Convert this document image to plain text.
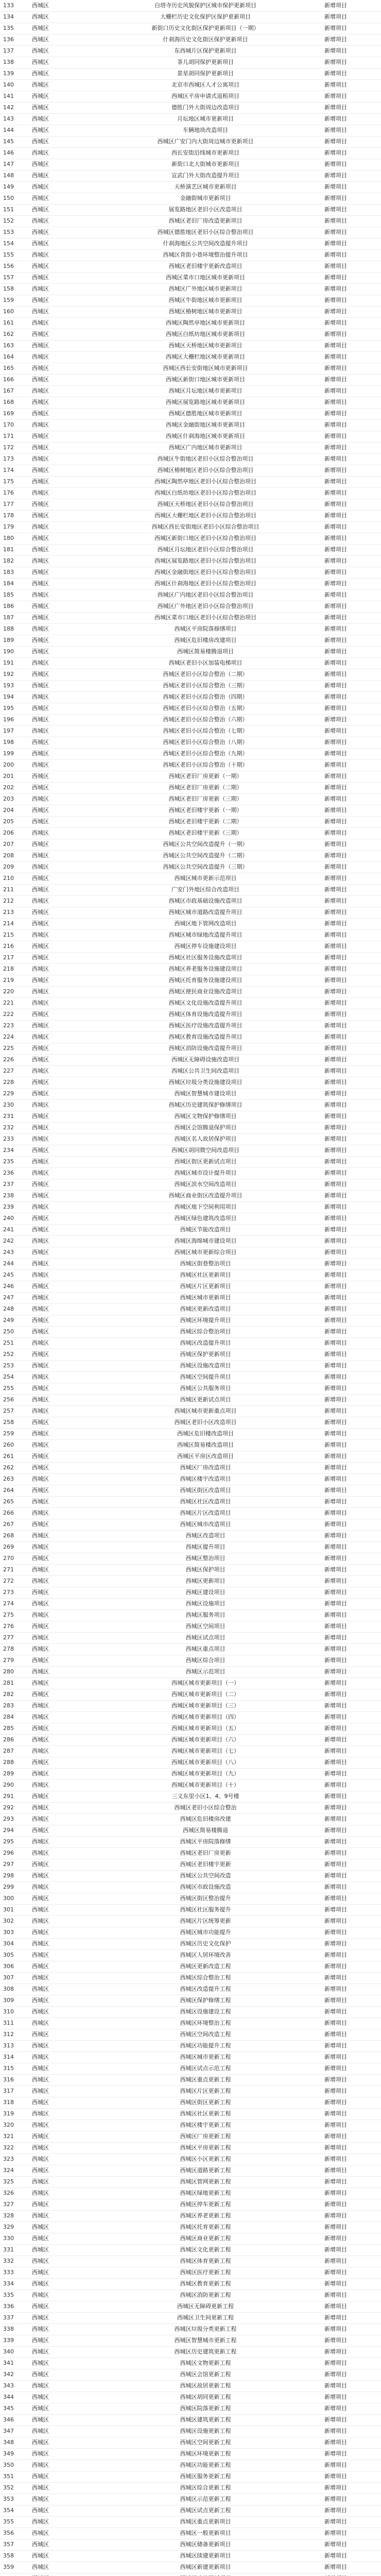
133	西城区	白塔寺历史风貌保护区城市保护更新项目	新增项目
134	西城区	大栅栏历史文化保护区保护更新项目	新增项目
135	西城区	新街口历史文化街区保护更新项目（一期）	新增项目
136	西城区	什刹海历史文化街区保护更新项目	新增项目
137	西城区	东西城片区保护更新项目	新增项目
138	西城区	茶儿胡同保护更新项目	新增项目
139	西城区	景星胡同保护更新项目	新增项目
140	西城区	北京市西城区人才公寓项目	新增项目
141	西城区	西城区平房申请式退租项目	新增项目
142	西城区	德胜门外大街周边改造项目	新增项目
143	西城区	月坛地区城市更新项目	新增项目
144	西城区	车辆地块改造项目	新增项目
145	西城区	西城区广安门内大街周边城市更新项目	新增项目
146	西城区	西长安街沿线城市更新项目	新增项目
147	西城区	新街口北大街城市更新项目	新增项目
148	西城区	宣武门外大街改造提升项目	新增项目
149	西城区	天桥演艺区城市更新项目	新增项目
150	西城区	金融街城市更新项目	新增项目
151	西城区	展览路地区老旧小区改造项目	新增项目
152	西城区	西城区老旧厂房改造更新项目	新增项目
153	西城区	西城区德胜地区老旧小区综合整治项目	新增项目
154	西城区	什刹海地区公共空间改造提升项目	新增项目
155	西城区	西城区背街小巷环境整治提升项目	新增项目
156	西城区	西城区老旧楼宇更新改造项目	新增项目
157	西城区	西城区菜市口地区城市更新项目	新增项目
158	西城区	西城区广外地区城市更新项目	新增项目
159	西城区	西城区牛街地区城市更新项目	新增项目
160	西城区	西城区椿树地区城市更新项目	新增项目
161	西城区	西城区陶然亭地区城市更新项目	新增项目
162	西城区	西城区白纸坊地区城市更新项目	新增项目
163	西城区	西城区天桥地区城市更新项目	新增项目
164	西城区	西城区大栅栏地区城市更新项目	新增项目
165	西城区	西城区西长安街地区城市更新项目	新增项目
166	西城区	西城区新街口地区城市更新项目	新增项目
167	西城区	西城区月坛地区城市更新项目	新增项目
168	西城区	西城区展览路地区城市更新项目	新增项目
169	西城区	西城区德胜地区城市更新项目	新增项目
170	西城区	西城区金融街地区城市更新项目	新增项目
171	西城区	西城区什刹海地区城市更新项目	新增项目
172	西城区	西城区广内地区城市更新项目	新增项目
173	西城区	西城区牛街地区老旧小区综合整治项目	新增项目
174	西城区	西城区椿树地区老旧小区综合整治项目	新增项目
175	西城区	西城区陶然亭地区老旧小区综合整治项目	新增项目
176	西城区	西城区白纸坊地区老旧小区综合整治项目	新增项目
177	西城区	西城区天桥地区老旧小区综合整治项目	新增项目
178	西城区	西城区大栅栏地区老旧小区综合整治项目	新增项目
179	西城区	西城区西长安街地区老旧小区综合整治项目	新增项目
180	西城区	西城区新街口地区老旧小区综合整治项目	新增项目
181	西城区	西城区月坛地区老旧小区综合整治项目	新增项目
182	西城区	西城区展览路地区老旧小区综合整治项目	新增项目
183	西城区	西城区金融街地区老旧小区综合整治项目	新增项目
184	西城区	西城区什刹海地区老旧小区综合整治项目	新增项目
185	西城区	西城区广内地区老旧小区综合整治项目	新增项目
186	西城区	西城区广外地区老旧小区综合整治项目	新增项目
187	西城区	西城区菜市口地区老旧小区综合整治项目	新增项目
188	西城区	西城区平房院落修缮项目	新增项目
189	西城区	西城区危旧楼房改建项目	新增项目
190	西城区	西城区简易楼腾退项目	新增项目
191	西城区	西城区老旧小区加装电梯项目	新增项目
192	西城区	西城区老旧小区综合整治（二期）	新增项目
193	西城区	西城区老旧小区综合整治（三期）	新增项目
194	西城区	西城区老旧小区综合整治（四期）	新增项目
195	西城区	西城区老旧小区综合整治（五期）	新增项目
196	西城区	西城区老旧小区综合整治（六期）	新增项目
197	西城区	西城区老旧小区综合整治（七期）	新增项目
198	西城区	西城区老旧小区综合整治（八期）	新增项目
199	西城区	西城区老旧小区综合整治（九期）	新增项目
200	西城区	西城区老旧小区综合整治（十期）	新增项目
201	西城区	西城区老旧厂房更新（一期）	新增项目
202	西城区	西城区老旧厂房更新（二期）	新增项目
203	西城区	西城区老旧厂房更新（三期）	新增项目
204	西城区	西城区老旧楼宇更新（一期）	新增项目
205	西城区	西城区老旧楼宇更新（二期）	新增项目
206	西城区	西城区老旧楼宇更新（三期）	新增项目
207	西城区	西城区公共空间改造提升（一期）	新增项目
208	西城区	西城区公共空间改造提升（二期）	新增项目
209	西城区	西城区公共空间改造提升（三期）	新增项目
210	西城区	西城区城市更新示范项目	新增项目
211	西城区	广安门外地区综合改造项目	新增项目
212	西城区	西城区市政基础设施改造项目	新增项目
213	西城区	西城区城市道路改造提升项目	新增项目
214	西城区	西城区地下管网改造项目	新增项目
215	西城区	西城区城市绿地改造提升项目	新增项目
216	西城区	西城区停车设施建设项目	新增项目
217	西城区	西城区社区服务设施改造项目	新增项目
218	西城区	西城区养老服务设施建设项目	新增项目
219	西城区	西城区托育服务设施建设项目	新增项目
220	西城区	西城区便民商业设施改造项目	新增项目
221	西城区	西城区文化设施改造提升项目	新增项目
222	西城区	西城区体育设施改造提升项目	新增项目
223	西城区	西城区医疗设施改造提升项目	新增项目
224	西城区	西城区教育设施改造提升项目	新增项目
225	西城区	西城区消防设施改造提升项目	新增项目
226	西城区	西城区无障碍设施改造项目	新增项目
227	西城区	西城区公共卫生间改造项目	新增项目
228	西城区	西城区垃圾分类设施建设项目	新增项目
229	西城区	西城区智慧城市建设项目	新增项目
230	西城区	西城区历史建筑保护修缮项目	新增项目
231	西城区	西城区文物保护修缮项目	新增项目
232	西城区	西城区会馆腾退保护项目	新增项目
233	西城区	西城区名人故居保护项目	新增项目
234	西城区	西城区胡同微空间改造项目	新增项目
235	西城区	西城区街区更新试点项目	新增项目
236	西城区	西城区城市设计提升项目	新增项目
237	西城区	西城区滨水空间改造项目	新增项目
238	西城区	西城区商业街区改造提升项目	新增项目
239	西城区	西城区地下空间利用项目	新增项目
240	西城区	西城区绿色建筑改造项目	新增项目
241	西城区	西城区节能改造项目	新增项目
242	西城区	西城区海绵城市建设项目	新增项目
243	西城区	西城区城市更新综合项目	新增项目
244	西城区	西城区街巷整治项目	新增项目
245	西城区	西城区社区更新项目	新增项目
246	西城区	西城区片区更新项目	新增项目
247	西城区	西城区城市更新项目	新增项目
248	西城区	西城区更新改造项目	新增项目
249	西城区	西城区环境提升项目	新增项目
250	西城区	西城区综合整治项目	新增项目
251	西城区	西城区改造提升项目	新增项目
252	西城区	西城区保护更新项目	新增项目
253	西城区	西城区设施改造项目	新增项目
254	西城区	西城区空间提升项目	新增项目
255	西城区	西城区公共服务项目	新增项目
256	西城区	西城区更新试点项目	新增项目
257	西城区	西城区城市更新重点项目	新增项目
258	西城区	西城区老旧小区改造项目	新增项目
259	西城区	西城区危旧楼改造项目	新增项目
260	西城区	西城区简易楼改造项目	新增项目
261	西城区	西城区平房区改造项目	新增项目
262	西城区	西城区厂房改造项目	新增项目
263	西城区	西城区楼宇改造项目	新增项目
264	西城区	西城区街区改造项目	新增项目
265	西城区	西城区社区改造项目	新增项目
266	西城区	西城区片区改造项目	新增项目
267	西城区	西城区城市改造项目	新增项目
268	西城区	西城区改造项目	新增项目
269	西城区	西城区提升项目	新增项目
270	西城区	西城区整治项目	新增项目
271	西城区	西城区保护项目	新增项目
272	西城区	西城区更新项目	新增项目
273	西城区	西城区建设项目	新增项目
274	西城区	西城区设施项目	新增项目
275	西城区	西城区服务项目	新增项目
276	西城区	西城区空间项目	新增项目
277	西城区	西城区试点项目	新增项目
278	西城区	西城区重点项目	新增项目
279	西城区	西城区综合项目	新增项目
280	西城区	西城区示范项目	新增项目
281	西城区	西城区城市更新项目（一）	新增项目
282	西城区	西城区城市更新项目（二）	新增项目
283	西城区	西城区城市更新项目（三）	新增项目
284	西城区	西城区城市更新项目（四）	新增项目
285	西城区	西城区城市更新项目（五）	新增项目
286	西城区	西城区城市更新项目（六）	新增项目
287	西城区	西城区城市更新项目（七）	新增项目
288	西城区	西城区城市更新项目（八）	新增项目
289	西城区	西城区城市更新项目（九）	新增项目
290	西城区	西城区城市更新项目（十）	新增项目
291	西城区	三义东里小区1、4、9号楼	新增项目
292	西城区	西城区老旧小区综合整治	新增项目
293	西城区	西城区危旧楼房改建	新增项目
294	西城区	西城区简易楼腾退	新增项目
295	西城区	西城区平房院落修缮	新增项目
296	西城区	西城区老旧厂房更新	新增项目
297	西城区	西城区老旧楼宇更新	新增项目
298	西城区	西城区公共空间改造	新增项目
299	西城区	西城区市政设施改造	新增项目
300	西城区	西城区街区整治提升	新增项目
301	西城区	西城区社区服务提升	新增项目
302	西城区	西城区片区统筹更新	新增项目
303	西城区	西城区城市功能提升	新增项目
304	西城区	西城区历史文化保护	新增项目
305	西城区	西城区人居环境改善	新增项目
306	西城区	西城区更新改造工程	新增项目
307	西城区	西城区综合整治工程	新增项目
308	西城区	西城区改造提升工程	新增项目
309	西城区	西城区保护修缮工程	新增项目
310	西城区	西城区设施建设工程	新增项目
311	西城区	西城区环境整治工程	新增项目
312	西城区	西城区空间改造工程	新增项目
313	西城区	西城区功能提升工程	新增项目
314	西城区	西城区城市更新工程	新增项目
315	西城区	西城区试点示范工程	新增项目
316	西城区	西城区重点更新工程	新增项目
317	西城区	西城区片区更新工程	新增项目
318	西城区	西城区街区更新工程	新增项目
319	西城区	西城区社区更新工程	新增项目
320	西城区	西城区楼宇更新工程	新增项目
321	西城区	西城区厂房更新工程	新增项目
322	西城区	西城区平房更新工程	新增项目
323	西城区	西城区小区更新工程	新增项目
324	西城区	西城区道路更新工程	新增项目
325	西城区	西城区管网更新工程	新增项目
326	西城区	西城区绿地更新工程	新增项目
327	西城区	西城区停车更新工程	新增项目
328	西城区	西城区养老更新工程	新增项目
329	西城区	西城区托育更新工程	新增项目
330	西城区	西城区商业更新工程	新增项目
331	西城区	西城区文化更新工程	新增项目
332	西城区	西城区体育更新工程	新增项目
333	西城区	西城区医疗更新工程	新增项目
334	西城区	西城区教育更新工程	新增项目
335	西城区	西城区消防更新工程	新增项目
336	西城区	西城区无障碍更新工程	新增项目
337	西城区	西城区卫生间更新工程	新增项目
338	西城区	西城区垃圾分类更新工程	新增项目
339	西城区	西城区智慧城市更新工程	新增项目
340	西城区	西城区历史建筑更新工程	新增项目
341	西城区	西城区文物更新工程	新增项目
342	西城区	西城区会馆更新工程	新增项目
343	西城区	西城区故居更新工程	新增项目
344	西城区	西城区胡同更新工程	新增项目
345	西城区	西城区院落更新工程	新增项目
346	西城区	西城区建筑更新工程	新增项目
347	西城区	西城区设施更新工程	新增项目
348	西城区	西城区空间更新工程	新增项目
349	西城区	西城区环境更新工程	新增项目
350	西城区	西城区功能更新工程	新增项目
351	西城区	西城区服务更新工程	新增项目
352	西城区	西城区综合更新工程	新增项目
353	西城区	西城区示范更新工程	新增项目
354	西城区	西城区试点更新工程	新增项目
355	西城区	西城区重点更新项目	新增项目
356	西城区	西城区一般更新项目	新增项目
357	西城区	西城区储备更新项目	新增项目
358	西城区	西城区续建更新项目	新增项目
359	西城区	西城区新建更新项目	新增项目
